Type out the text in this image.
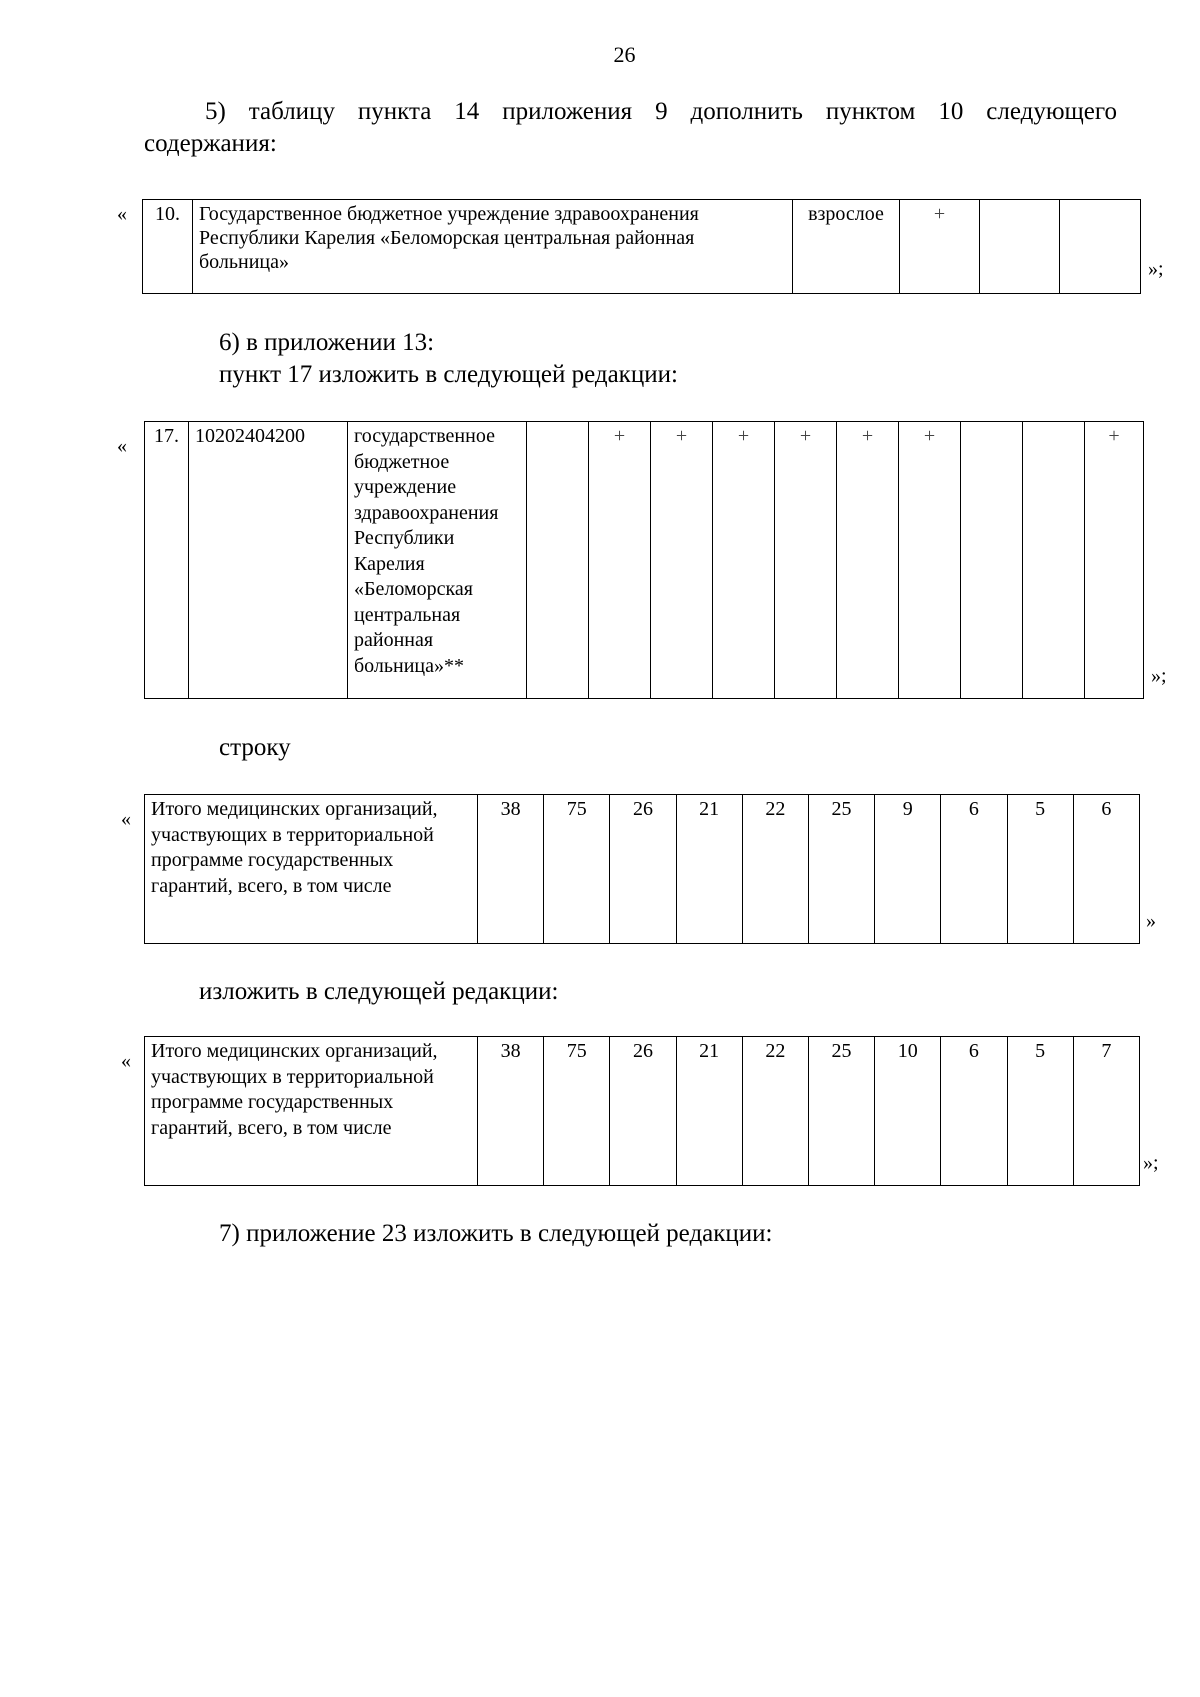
26
5) таблицу пункта 14 приложения 9 дополнить пунктом 10 следующего
содержания:
« 10.	Государственное бюджетное учреждение здравоохранения Республики Карелия «Беломорская центральная районная больница»	взрослое	+		
»;
6) в приложении 13:
пункт 17 изложить в следующей редакции:
« 17.	10202404200	государственное бюджетное учреждение здравоохранения Республики Карелия «Беломорская центральная районная больница»**		+	+	+	+	+	+			+
»;
строку
« Итого медицинских организаций, участвующих в территориальной программе государственных гарантий, всего, в том числе	38	75	26	21	22	25	9	6	5	6
»
изложить в следующей редакции:
« Итого медицинских организаций, участвующих в территориальной программе государственных гарантий, всего, в том числе	38	75	26	21	22	25	10	6	5	7
»;
7) приложение 23 изложить в следующей редакции:
